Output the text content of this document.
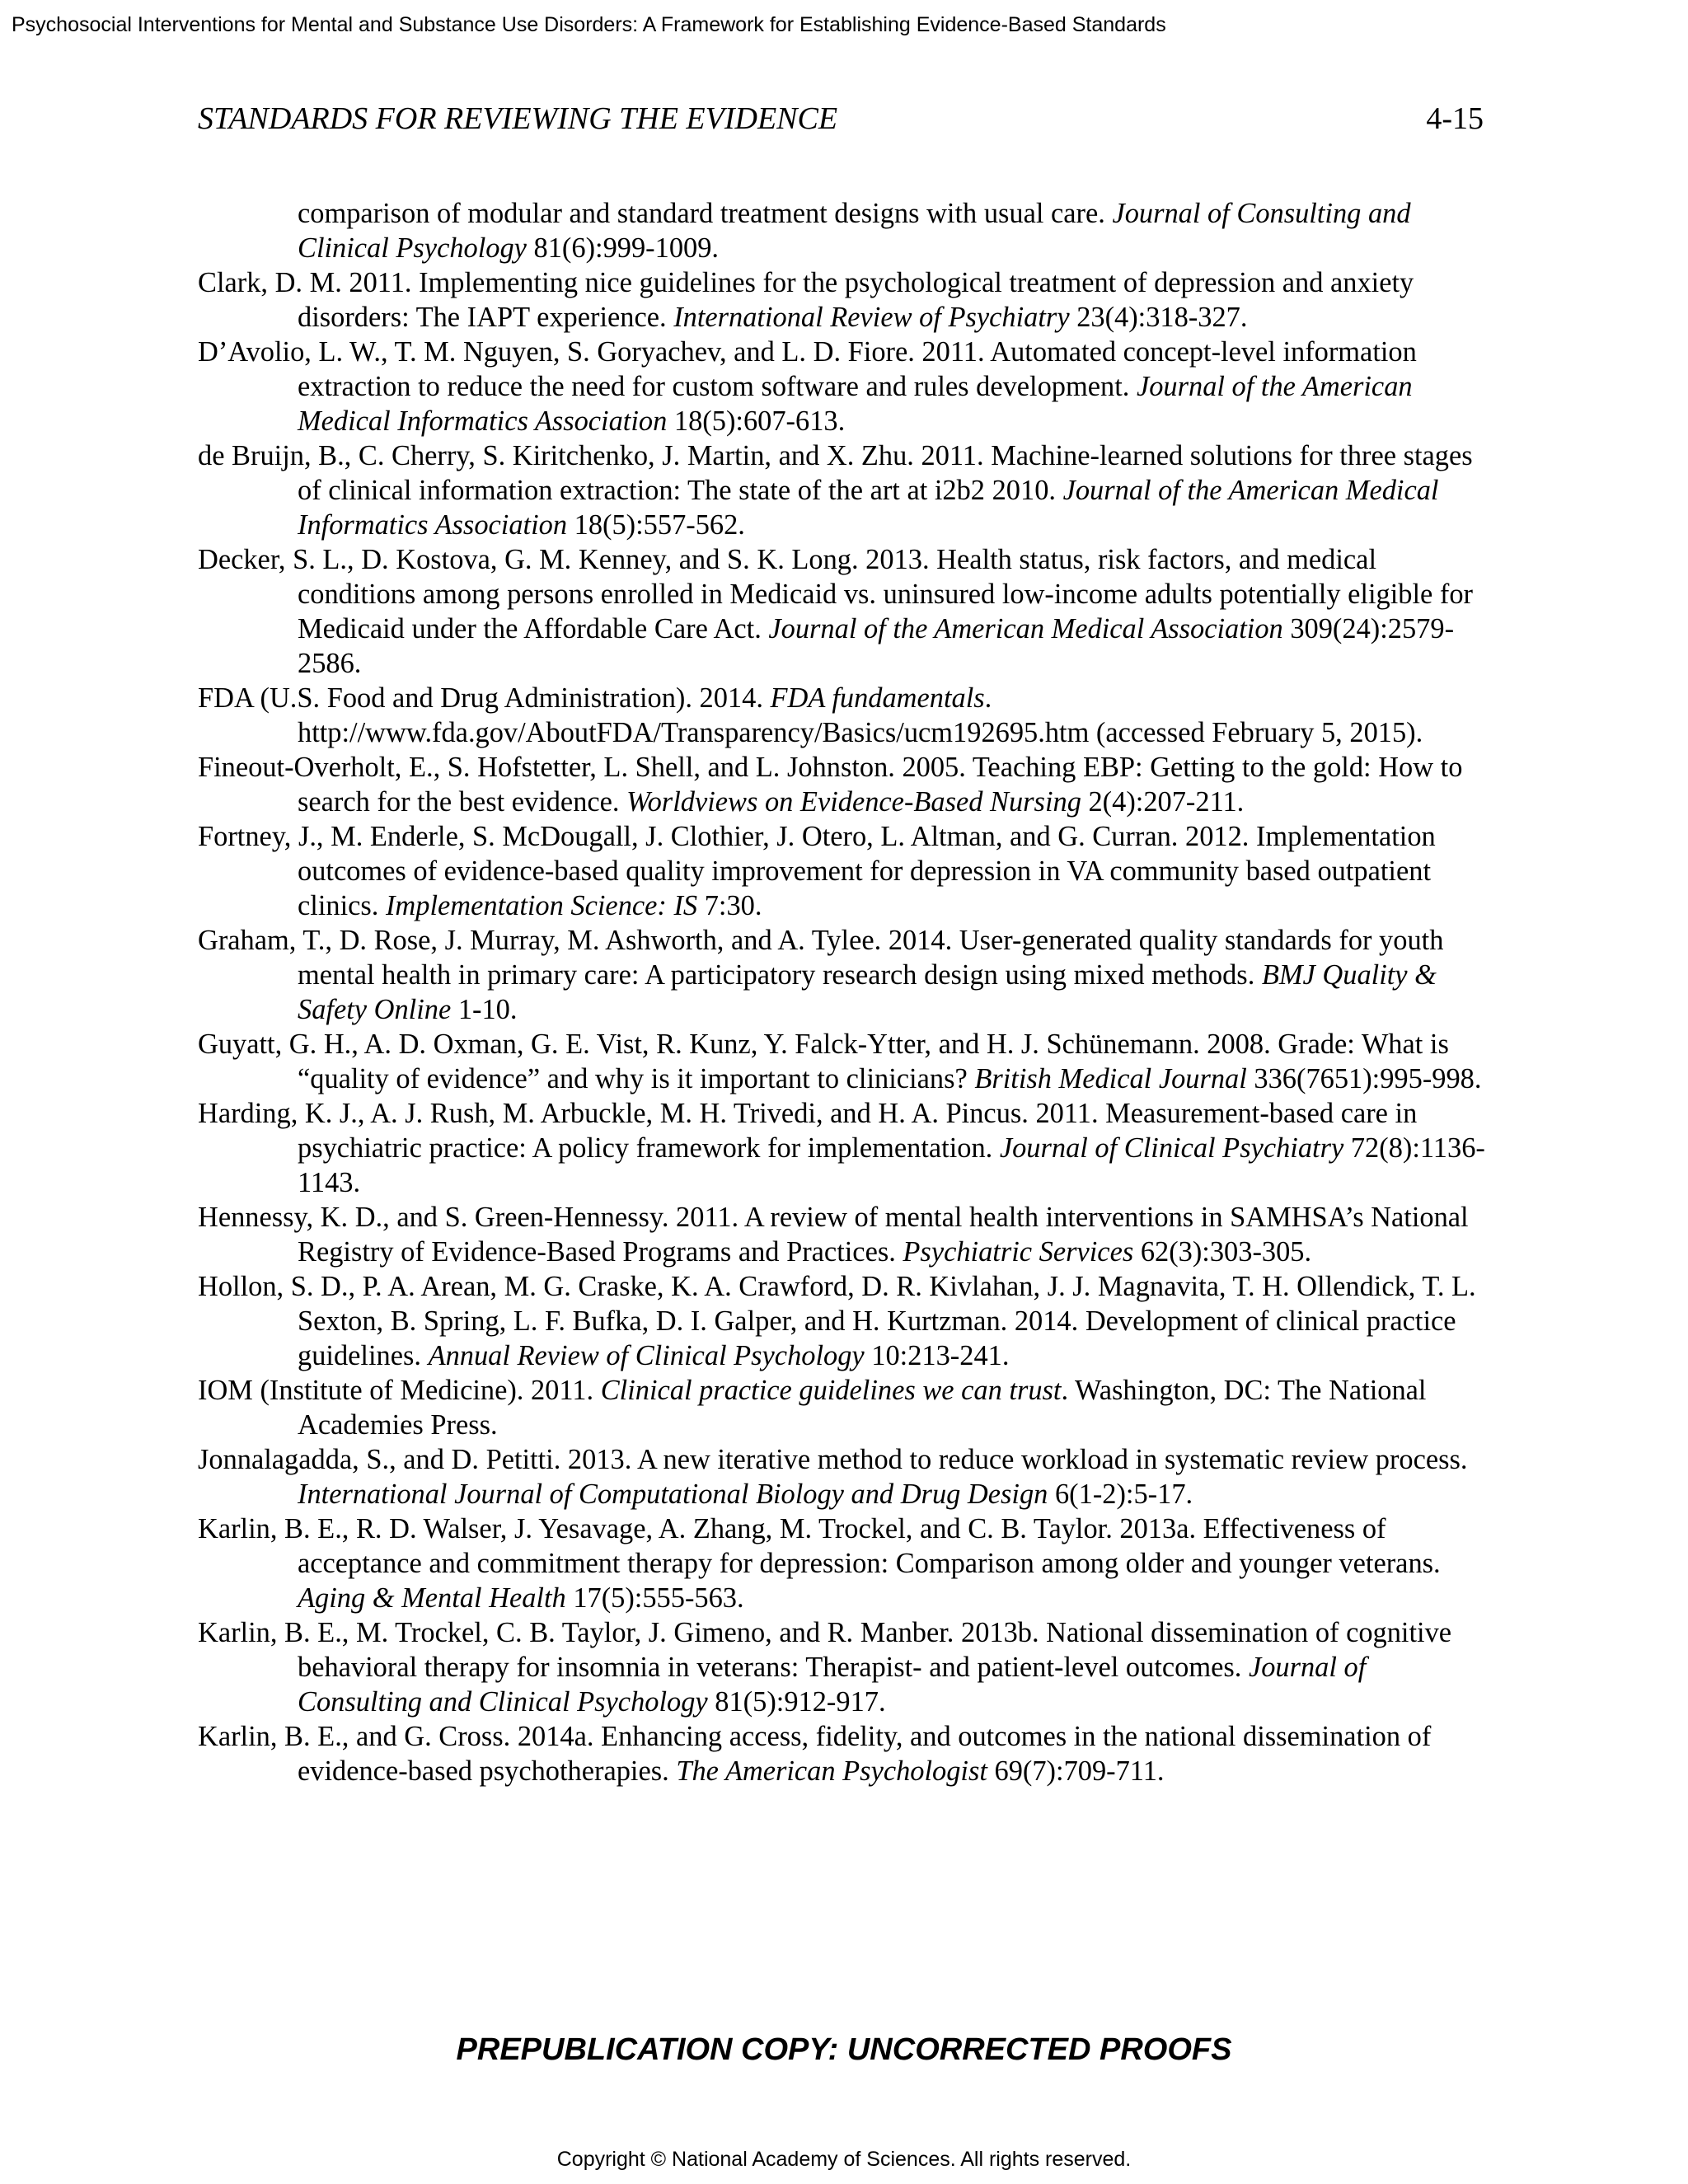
Psychosocial Interventions for Mental and Substance Use Disorders: A Framework for Establishing Evidence-Based Standards
STANDARDS FOR REVIEWING THE EVIDENCE	4-15
comparison of modular and standard treatment designs with usual care. Journal of Consulting and Clinical Psychology 81(6):999-1009.
Clark, D. M. 2011. Implementing nice guidelines for the psychological treatment of depression and anxiety disorders: The IAPT experience. International Review of Psychiatry 23(4):318-327.
D’Avolio, L. W., T. M. Nguyen, S. Goryachev, and L. D. Fiore. 2011. Automated concept-level information extraction to reduce the need for custom software and rules development. Journal of the American Medical Informatics Association 18(5):607-613.
de Bruijn, B., C. Cherry, S. Kiritchenko, J. Martin, and X. Zhu. 2011. Machine-learned solutions for three stages of clinical information extraction: The state of the art at i2b2 2010. Journal of the American Medical Informatics Association 18(5):557-562.
Decker, S. L., D. Kostova, G. M. Kenney, and S. K. Long. 2013. Health status, risk factors, and medical conditions among persons enrolled in Medicaid vs. uninsured low-income adults potentially eligible for Medicaid under the Affordable Care Act. Journal of the American Medical Association 309(24):2579-2586.
FDA (U.S. Food and Drug Administration). 2014. FDA fundamentals. http://www.fda.gov/AboutFDA/Transparency/Basics/ucm192695.htm (accessed February 5, 2015).
Fineout-Overholt, E., S. Hofstetter, L. Shell, and L. Johnston. 2005. Teaching EBP: Getting to the gold: How to search for the best evidence. Worldviews on Evidence-Based Nursing 2(4):207-211.
Fortney, J., M. Enderle, S. McDougall, J. Clothier, J. Otero, L. Altman, and G. Curran. 2012. Implementation outcomes of evidence-based quality improvement for depression in VA community based outpatient clinics. Implementation Science: IS 7:30.
Graham, T., D. Rose, J. Murray, M. Ashworth, and A. Tylee. 2014. User-generated quality standards for youth mental health in primary care: A participatory research design using mixed methods. BMJ Quality & Safety Online 1-10.
Guyatt, G. H., A. D. Oxman, G. E. Vist, R. Kunz, Y. Falck-Ytter, and H. J. Schünemann. 2008. Grade: What is “quality of evidence” and why is it important to clinicians? British Medical Journal 336(7651):995-998.
Harding, K. J., A. J. Rush, M. Arbuckle, M. H. Trivedi, and H. A. Pincus. 2011. Measurement-based care in psychiatric practice: A policy framework for implementation. Journal of Clinical Psychiatry 72(8):1136-1143.
Hennessy, K. D., and S. Green-Hennessy. 2011. A review of mental health interventions in SAMHSA’s National Registry of Evidence-Based Programs and Practices. Psychiatric Services 62(3):303-305.
Hollon, S. D., P. A. Arean, M. G. Craske, K. A. Crawford, D. R. Kivlahan, J. J. Magnavita, T. H. Ollendick, T. L. Sexton, B. Spring, L. F. Bufka, D. I. Galper, and H. Kurtzman. 2014. Development of clinical practice guidelines. Annual Review of Clinical Psychology 10:213-241.
IOM (Institute of Medicine). 2011. Clinical practice guidelines we can trust. Washington, DC: The National Academies Press.
Jonnalagadda, S., and D. Petitti. 2013. A new iterative method to reduce workload in systematic review process. International Journal of Computational Biology and Drug Design 6(1-2):5-17.
Karlin, B. E., R. D. Walser, J. Yesavage, A. Zhang, M. Trockel, and C. B. Taylor. 2013a. Effectiveness of acceptance and commitment therapy for depression: Comparison among older and younger veterans. Aging & Mental Health 17(5):555-563.
Karlin, B. E., M. Trockel, C. B. Taylor, J. Gimeno, and R. Manber. 2013b. National dissemination of cognitive behavioral therapy for insomnia in veterans: Therapist- and patient-level outcomes. Journal of Consulting and Clinical Psychology 81(5):912-917.
Karlin, B. E., and G. Cross. 2014a. Enhancing access, fidelity, and outcomes in the national dissemination of evidence-based psychotherapies. The American Psychologist 69(7):709-711.
PREPUBLICATION COPY: UNCORRECTED PROOFS
Copyright © National Academy of Sciences. All rights reserved.
